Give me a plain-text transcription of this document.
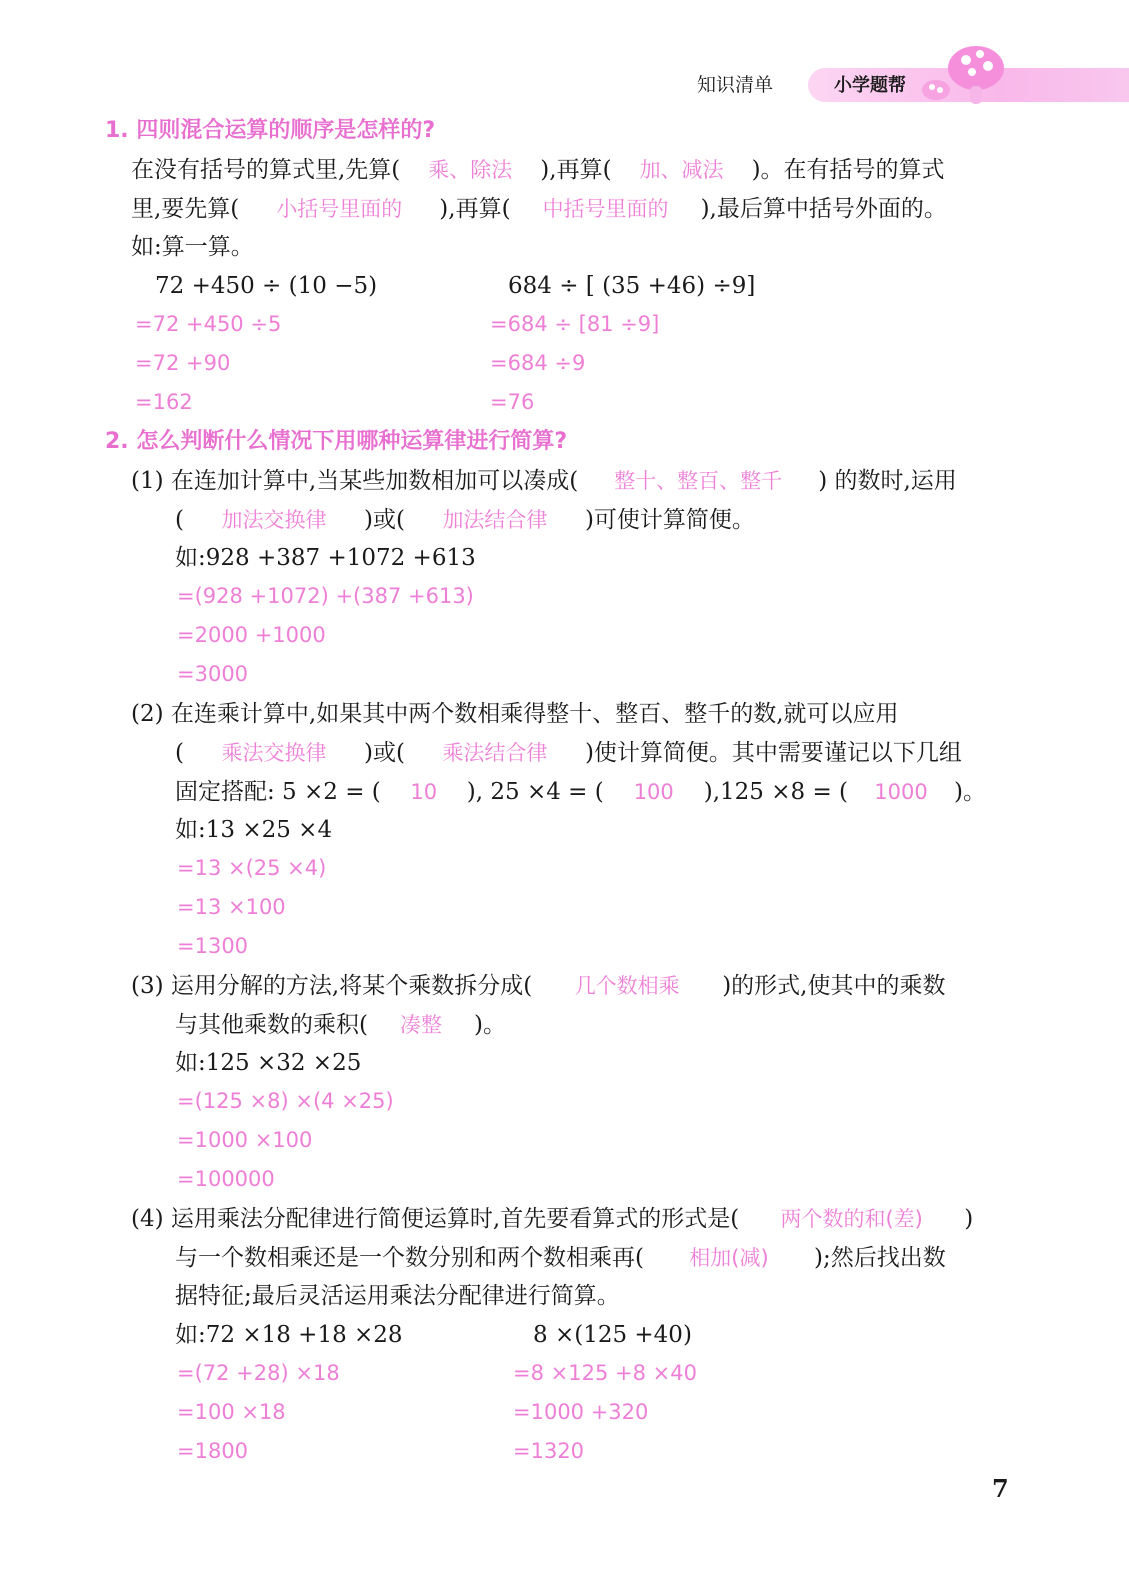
知识清单	小学题帮
1. 四则混合运算的顺序是怎样的?
在没有括号的算式里,先算( 乘、除法 ),再算( 加、减法 )。在有括号的算式
里,要先算( 小括号里面的 ),再算( 中括号里面的 ),最后算中括号外面的。
如:算一算。
72 +450 ÷ (10 −5)
=72 +450 ÷5
=72 +90
=162
684 ÷ [ (35 +46) ÷9]
=684 ÷ [81 ÷9]
=684 ÷9
=76
2. 怎么判断什么情况下用哪种运算律进行简算?
(1) 在连加计算中,当某些加数相加可以凑成( 整十、整百、整千 ) 的数时,运用
( 加法交换律 )或( 加法结合律 )可使计算简便。
如:928 +387 +1072 +613
=(928 +1072) +(387 +613)
=2000 +1000
=3000
(2) 在连乘计算中,如果其中两个数相乘得整十、整百、整千的数,就可以应用
( 乘法交换律 )或( 乘法结合律 )使计算简便。其中需要谨记以下几组
固定搭配: 5 ×2 = ( 10 ), 25 ×4 = ( 100 ),125 ×8 = ( 1000 )。
如:13 ×25 ×4
=13 ×(25 ×4)
=13 ×100
=1300
(3) 运用分解的方法,将某个乘数拆分成( 几个数相乘 )的形式,使其中的乘数
与其他乘数的乘积( 凑整 )。
如:125 ×32 ×25
=(125 ×8) ×(4 ×25)
=1000 ×100
=100000
(4) 运用乘法分配律进行简便运算时,首先要看算式的形式是( 两个数的和(差) )
与一个数相乘还是一个数分别和两个数相乘再( 相加(减) );然后找出数
据特征;最后灵活运用乘法分配律进行简算。
如:72 ×18 +18 ×28
=(72 +28) ×18
=100 ×18
=1800
8 ×(125 +40)
=8 ×125 +8 ×40
=1000 +320
=1320
7
